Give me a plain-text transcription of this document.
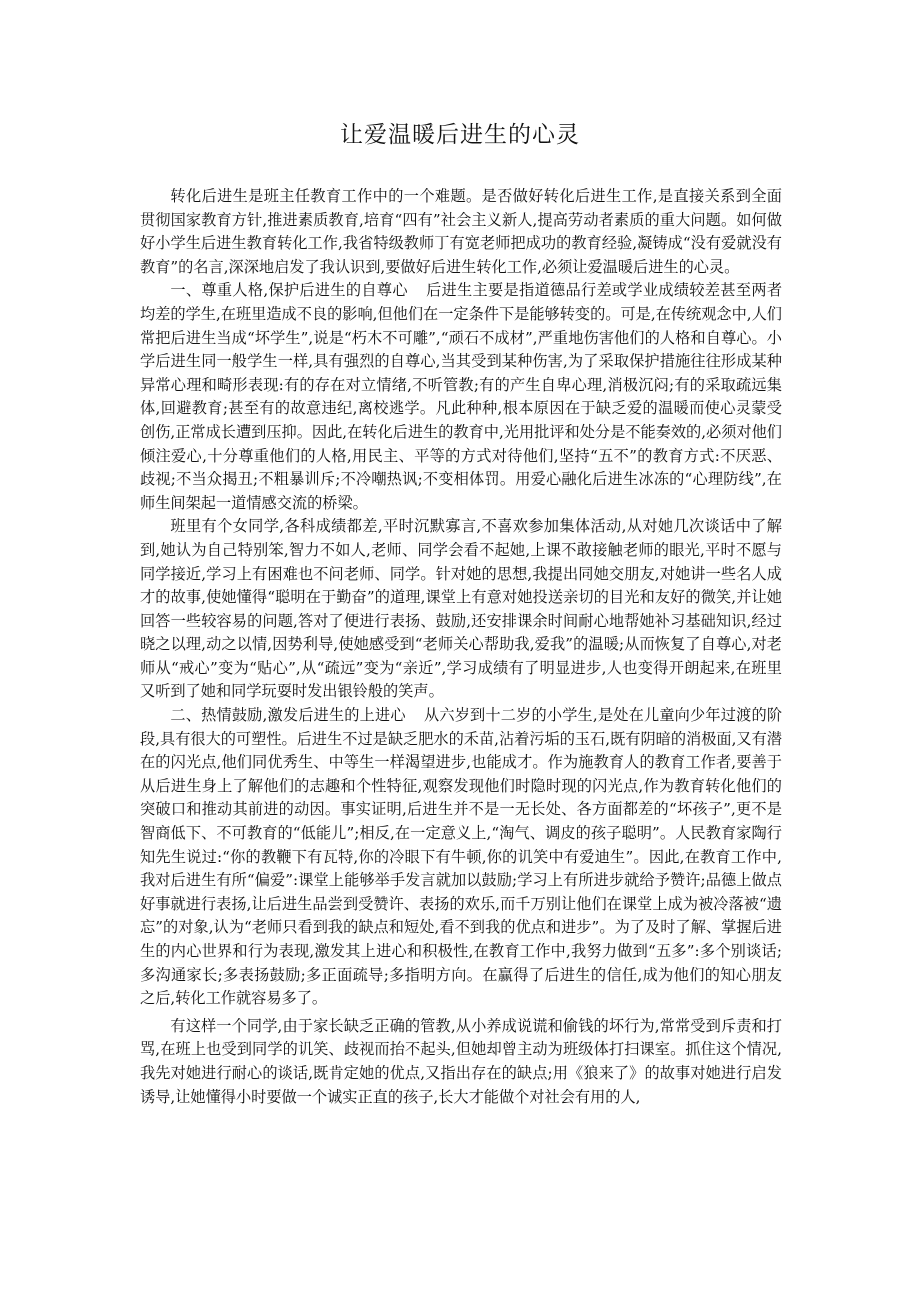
让爱温暖后进生的心灵

转化后进生是班主任教育工作中的一个难题。是否做好转化后进生工作,是直接关系到全面贯彻国家教育方针,推进素质教育,培育“四有”社会主义新人,提高劳动者素质的重大问题。如何做好小学生后进生教育转化工作,我省特级教师丁有宽老师把成功的教育经验,凝铸成“没有爱就没有教育”的名言,深深地启发了我认识到,要做好后进生转化工作,必须让爱温暖后进生的心灵。

一、尊重人格,保护后进生的自尊心 后进生主要是指道德品行差或学业成绩较差甚至两者均差的学生,在班里造成不良的影响,但他们在一定条件下是能够转变的。可是,在传统观念中,人们常把后进生当成“坏学生”,说是“朽木不可雕”,“顽石不成材”,严重地伤害他们的人格和自尊心。小学后进生同一般学生一样,具有强烈的自尊心,当其受到某种伤害,为了采取保护措施往往形成某种异常心理和畸形表现:有的存在对立情绪,不听管教;有的产生自卑心理,消极沉闷;有的采取疏远集体,回避教育;甚至有的故意违纪,离校逃学。凡此种种,根本原因在于缺乏爱的温暖而使心灵蒙受创伤,正常成长遭到压抑。因此,在转化后进生的教育中,光用批评和处分是不能奏效的,必须对他们倾注爱心,十分尊重他们的人格,用民主、平等的方式对待他们,坚持“五不”的教育方式:不厌恶、歧视;不当众揭丑;不粗暴训斥;不冷嘲热讽;不变相体罚。用爱心融化后进生冰冻的“心理防线”,在师生间架起一道情感交流的桥梁。

班里有个女同学,各科成绩都差,平时沉默寡言,不喜欢参加集体活动,从对她几次谈话中了解到,她认为自己特别笨,智力不如人,老师、同学会看不起她,上课不敢接触老师的眼光,平时不愿与同学接近,学习上有困难也不问老师、同学。针对她的思想,我提出同她交朋友,对她讲一些名人成才的故事,使她懂得“聪明在于勤奋”的道理,课堂上有意对她投送亲切的目光和友好的微笑,并让她回答一些较容易的问题,答对了便进行表扬、鼓励,还安排课余时间耐心地帮她补习基础知识,经过晓之以理,动之以情,因势利导,使她感受到“老师关心帮助我,爱我”的温暖;从而恢复了自尊心,对老师从“戒心”变为“贴心”,从“疏远”变为“亲近”,学习成绩有了明显进步,人也变得开朗起来,在班里又听到了她和同学玩耍时发出银铃般的笑声。

二、热情鼓励,激发后进生的上进心 从六岁到十二岁的小学生,是处在儿童向少年过渡的阶段,具有很大的可塑性。后进生不过是缺乏肥水的禾苗,沾着污垢的玉石,既有阴暗的消极面,又有潜在的闪光点,他们同优秀生、中等生一样渴望进步,也能成才。作为施教育人的教育工作者,要善于从后进生身上了解他们的志趣和个性特征,观察发现他们时隐时现的闪光点,作为教育转化他们的突破口和推动其前进的动因。事实证明,后进生并不是一无长处、各方面都差的“坏孩子”,更不是智商低下、不可教育的“低能儿”;相反,在一定意义上,“淘气、调皮的孩子聪明”。人民教育家陶行知先生说过:“你的教鞭下有瓦特,你的冷眼下有牛顿,你的讥笑中有爱迪生”。因此,在教育工作中,我对后进生有所“偏爱”:课堂上能够举手发言就加以鼓励;学习上有所进步就给予赞许;品德上做点好事就进行表扬,让后进生品尝到受赞许、表扬的欢乐,而千万别让他们在课堂上成为被冷落被“遗忘”的对象,认为“老师只看到我的缺点和短处,看不到我的优点和进步”。为了及时了解、掌握后进生的内心世界和行为表现,激发其上进心和积极性,在教育工作中,我努力做到“五多”:多个别谈话;多沟通家长;多表扬鼓励;多正面疏导;多指明方向。在赢得了后进生的信任,成为他们的知心朋友之后,转化工作就容易多了。

有这样一个同学,由于家长缺乏正确的管教,从小养成说谎和偷钱的坏行为,常常受到斥责和打骂,在班上也受到同学的讥笑、歧视而抬不起头,但她却曾主动为班级体打扫课室。抓住这个情况,我先对她进行耐心的谈话,既肯定她的优点,又指出存在的缺点;用《狼来了》的故事对她进行启发诱导,让她懂得小时要做一个诚实正直的孩子,长大才能做个对社会有用的人,
